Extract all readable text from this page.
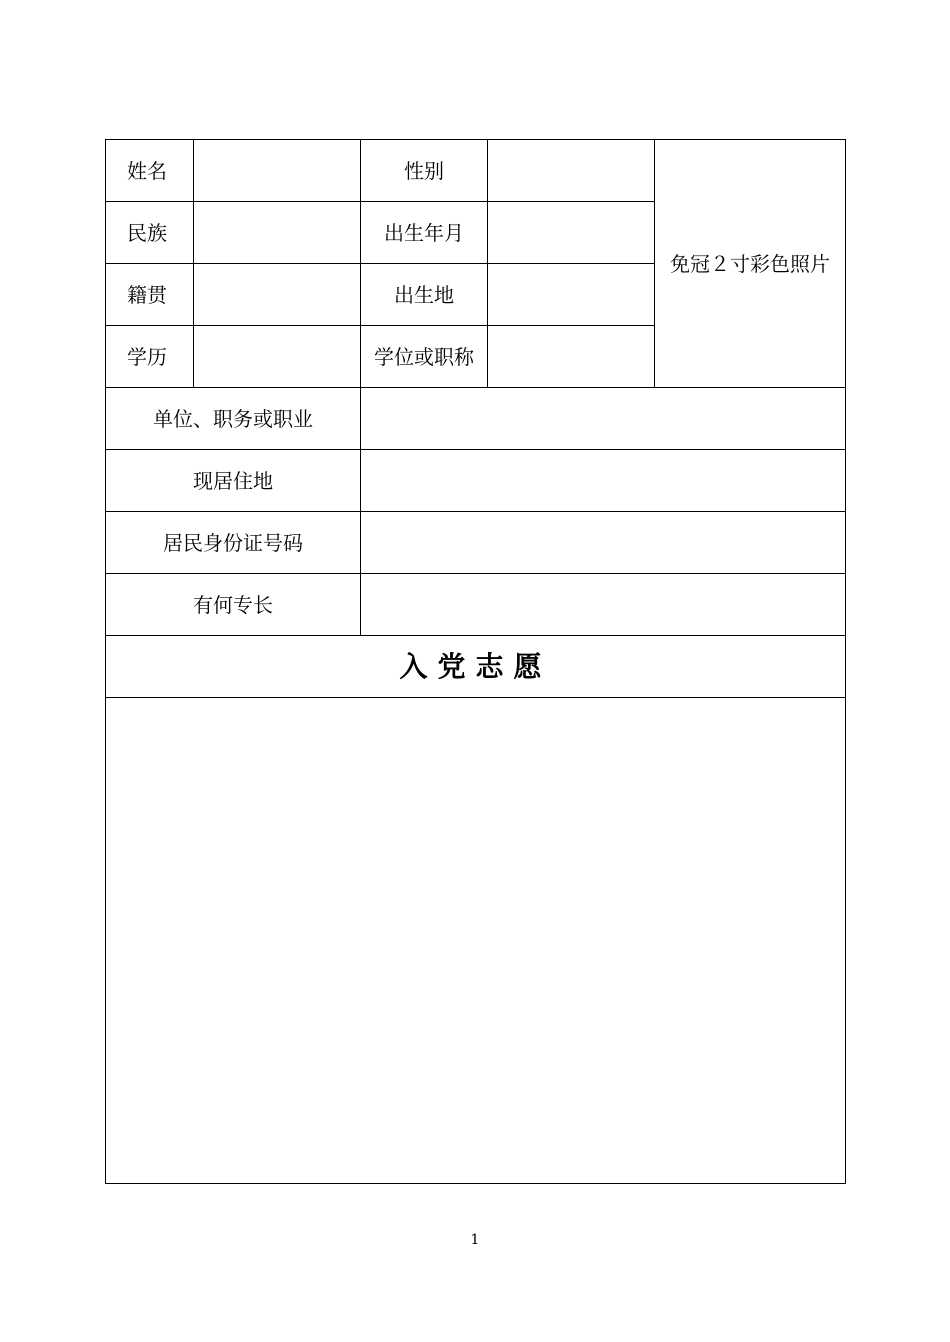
姓名		性别		免冠２寸彩色照片
民族		出生年月		
籍贯		出生地		
学历		学位或职称		
单位、职务或职业				
现居住地				
居民身份证号码				
有何专长				
入党志愿				

1
